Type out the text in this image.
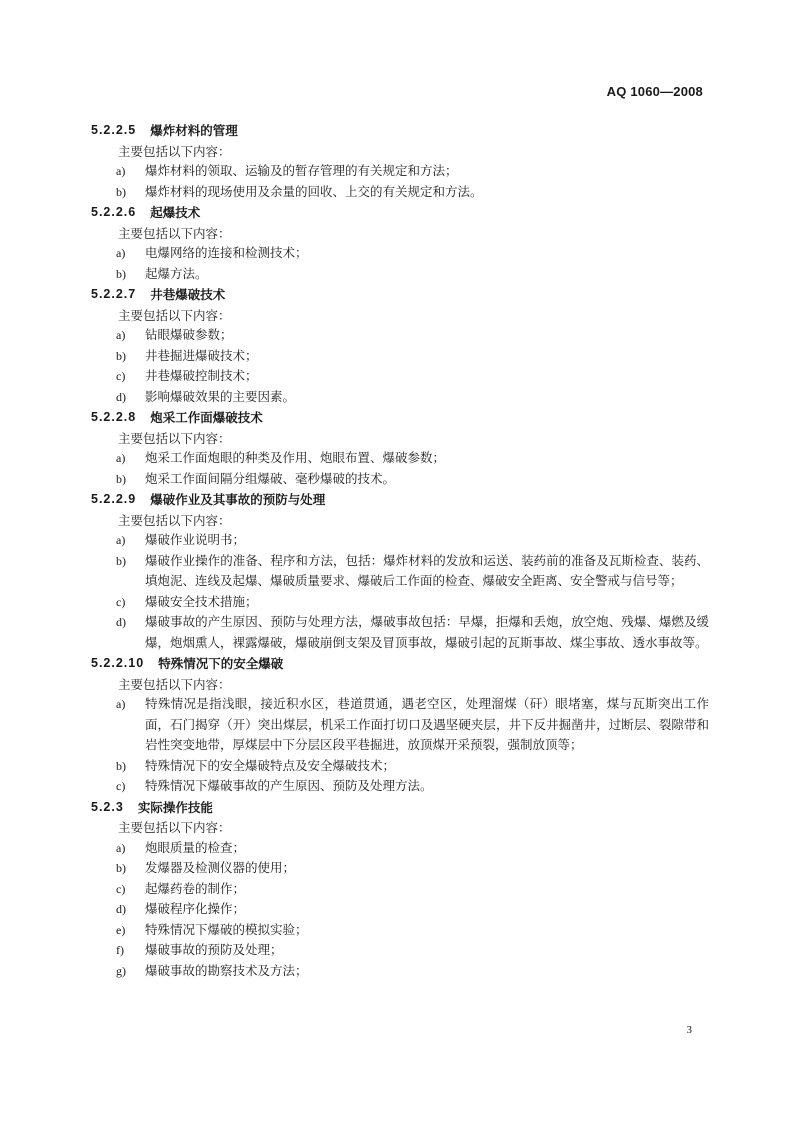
AQ 1060—2008
5.2.2.5 爆炸材料的管理
主要包括以下内容：
a)	爆炸材料的领取、运输及的暂存管理的有关规定和方法；
b)	爆炸材料的现场使用及余量的回收、上交的有关规定和方法。
5.2.2.6 起爆技术
主要包括以下内容：
a)	电爆网络的连接和检测技术；
b)	起爆方法。
5.2.2.7 井巷爆破技术
主要包括以下内容：
a)	钻眼爆破参数；
b)	井巷掘进爆破技术；
c)	井巷爆破控制技术；
d)	影响爆破效果的主要因素。
5.2.2.8 炮采工作面爆破技术
主要包括以下内容：
a)	炮采工作面炮眼的种类及作用、炮眼布置、爆破参数；
b)	炮采工作面间隔分组爆破、毫秒爆破的技术。
5.2.2.9 爆破作业及其事故的预防与处理
主要包括以下内容：
a)	爆破作业说明书；
b)	爆破作业操作的准备、程序和方法，包括：爆炸材料的发放和运送、装药前的准备及瓦斯检查、装药、填炮泥、连线及起爆、爆破质量要求、爆破后工作面的检查、爆破安全距离、安全警戒与信号等；
c)	爆破安全技术措施；
d)	爆破事故的产生原因、预防与处理方法，爆破事故包括：早爆，拒爆和丢炮，放空炮、残爆、爆燃及缓爆，炮烟熏人，裸露爆破，爆破崩倒支架及冒顶事故，爆破引起的瓦斯事故、煤尘事故、透水事故等。
5.2.2.10 特殊情况下的安全爆破
主要包括以下内容：
a)	特殊情况是指浅眼，接近积水区，巷道贯通，遇老空区，处理溜煤（矸）眼堵塞，煤与瓦斯突出工作面，石门揭穿（开）突出煤层，机采工作面打切口及遇坚硬夹层，井下反井掘凿井，过断层、裂隙带和岩性突变地带，厚煤层中下分层区段平巷掘进，放顶煤开采预裂，强制放顶等；
b)	特殊情况下的安全爆破特点及安全爆破技术；
c)	特殊情况下爆破事故的产生原因、预防及处理方法。
5.2.3 实际操作技能
主要包括以下内容：
a)	炮眼质量的检查；
b)	发爆器及检测仪器的使用；
c)	起爆药卷的制作；
d)	爆破程序化操作；
e)	特殊情况下爆破的模拟实验；
f)	爆破事故的预防及处理；
g)	爆破事故的勘察技术及方法；
3
